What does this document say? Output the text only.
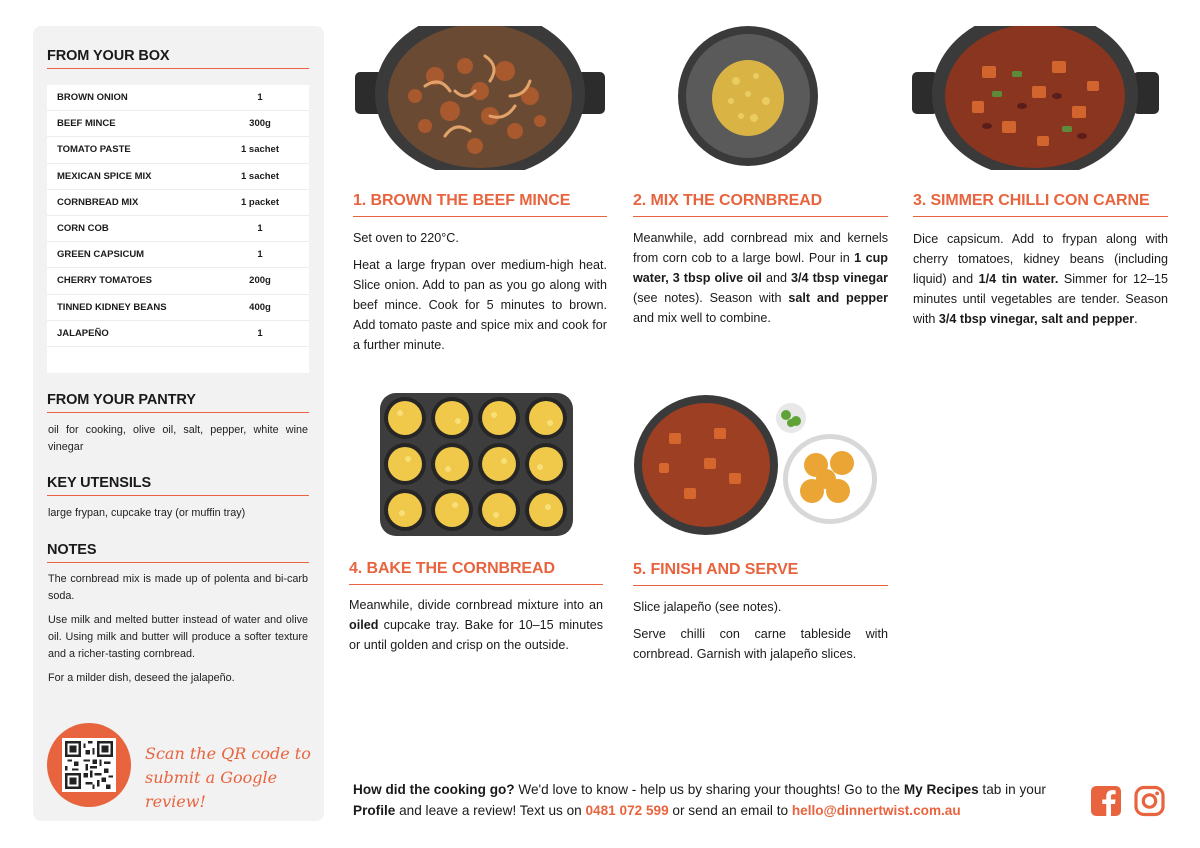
FROM YOUR BOX
BROWN ONION	1
BEEF MINCE	300g
TOMATO PASTE	1 sachet
MEXICAN SPICE MIX	1 sachet
CORNBREAD MIX	1 packet
CORN COB	1
GREEN CAPSICUM	1
CHERRY TOMATOES	200g
TINNED KIDNEY BEANS	400g
JALAPEÑO	1
FROM YOUR PANTRY
oil for cooking, olive oil, salt, pepper, white wine vinegar
KEY UTENSILS
large frypan, cupcake tray (or muffin tray)
NOTES

The cornbread mix is made up of polenta and bi-carb soda.

Use milk and melted butter instead of water and olive oil. Using milk and butter will produce a softer texture and a richer-tasting cornbread.

For a milder dish, deseed the jalapeño.

Scan the QR code to
submit a Google review!
1. BROWN THE BEEF MINCE

Set oven to 220°C.

Heat a large frypan over medium-high heat. Slice onion. Add to pan as you go along with beef mince. Cook for 5 minutes to brown. Add tomato paste and spice mix and cook for a further minute.

2. MIX THE CORNBREAD

Meanwhile, add cornbread mix and kernels from corn cob to a large bowl. Pour in 1 cup water, 3 tbsp olive oil and 3/4 tbsp vinegar (see notes). Season with salt and pepper and mix well to combine.

3. SIMMER CHILLI CON CARNE

Dice capsicum. Add to frypan along with cherry tomatoes, kidney beans (including liquid) and 1/4 tin water. Simmer for 12–15 minutes until vegetables are tender. Season with 3/4 tbsp vinegar, salt and pepper.

4. BAKE THE CORNBREAD

Meanwhile, divide cornbread mixture into an oiled cupcake tray. Bake for 10–15 minutes or until golden and crisp on the outside.

5. FINISH AND SERVE

Slice jalapeño (see notes).

Serve chilli con carne tableside with cornbread. Garnish with jalapeño slices.

How did the cooking go? We'd love to know - help us by sharing your thoughts! Go to the My Recipes tab in your Profile and leave a review! Text us on 0481 072 599 or send an email to hello@dinnertwist.com.au
